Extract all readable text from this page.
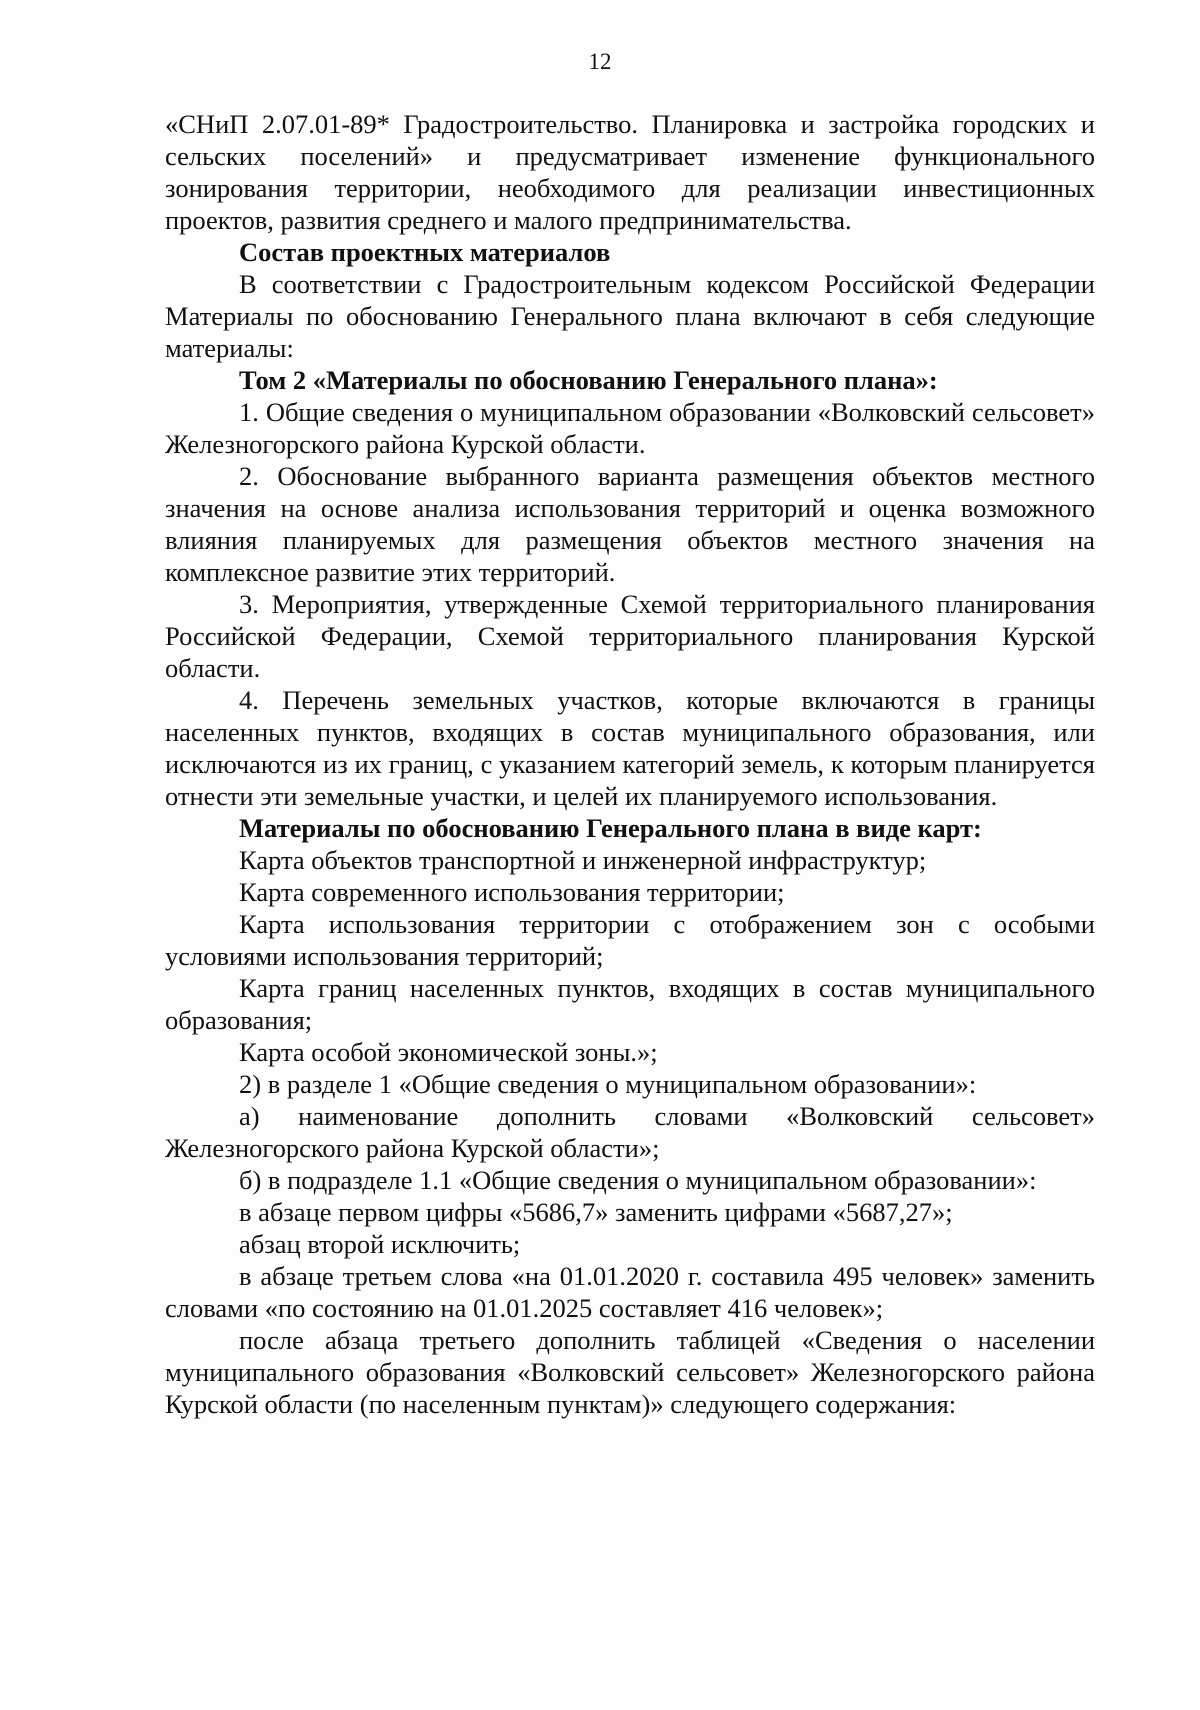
12

«СНиП 2.07.01-89* Градостроительство. Планировка и застройка городских и сельских поселений» и предусматривает изменение функционального зонирования территории, необходимого для реализации инвестиционных проектов, развития среднего и малого предпринимательства.

Состав проектных материалов

В соответствии с Градостроительным кодексом Российской Федерации Материалы по обоснованию Генерального плана включают в себя следующие материалы:

Том 2 «Материалы по обоснованию Генерального плана»:

1. Общие сведения о муниципальном образовании «Волковский сельсовет» Железногорского района Курской области.

2. Обоснование выбранного варианта размещения объектов местного значения на основе анализа использования территорий и оценка возможного влияния планируемых для размещения объектов местного значения на комплексное развитие этих территорий.

3. Мероприятия, утвержденные Схемой территориального планирования Российской Федерации, Схемой территориального планирования Курской области.

4. Перечень земельных участков, которые включаются в границы населенных пунктов, входящих в состав муниципального образования, или исключаются из их границ, с указанием категорий земель, к которым планируется отнести эти земельные участки, и целей их планируемого использования.

Материалы по обоснованию Генерального плана в виде карт:

Карта объектов транспортной и инженерной инфраструктур;

Карта современного использования территории;

Карта использования территории с отображением зон с особыми условиями использования территорий;

Карта границ населенных пунктов, входящих в состав муниципального образования;

Карта особой экономической зоны.»;

2) в разделе 1 «Общие сведения о муниципальном образовании»:

а) наименование дополнить словами «Волковский сельсовет» Железногорского района Курской области»;

б) в подразделе 1.1 «Общие сведения о муниципальном образовании»:

в абзаце первом цифры «5686,7» заменить цифрами «5687,27»;

абзац второй исключить;

в абзаце третьем слова «на 01.01.2020 г. составила 495 человек» заменить словами «по состоянию на 01.01.2025 составляет 416 человек»;

после абзаца третьего дополнить таблицей «Сведения о населении муниципального образования «Волковский сельсовет» Железногорского района Курской области (по населенным пунктам)» следующего содержания:
